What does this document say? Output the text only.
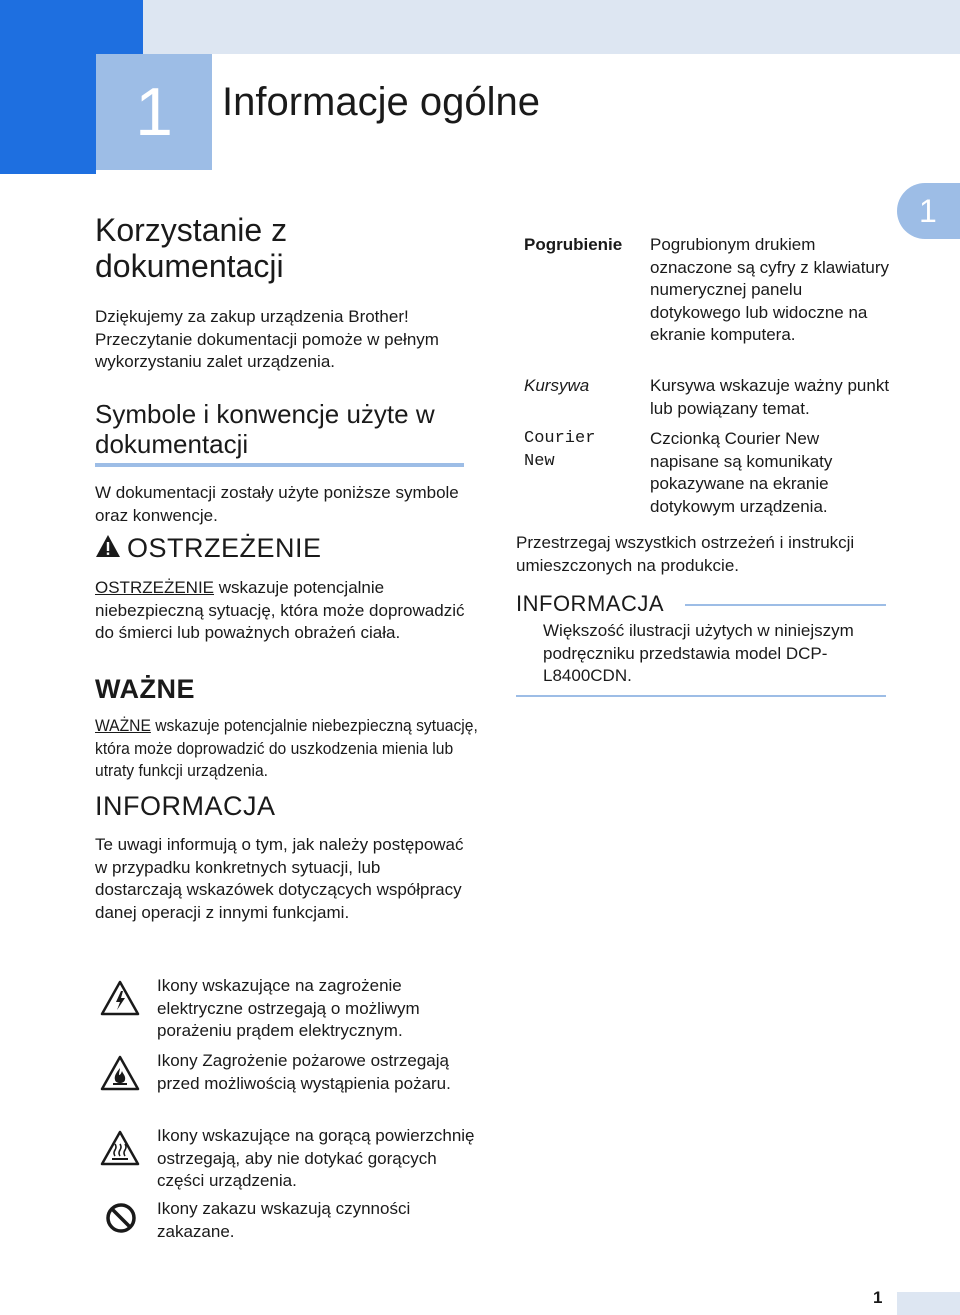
1	Informacje ogólne
1
Korzystanie z dokumentacji
Dziękujemy za zakup urządzenia Brother! Przeczytanie dokumentacji pomoże w pełnym wykorzystaniu zalet urządzenia.
Symbole i konwencje użyte w dokumentacji
W dokumentacji zostały użyte poniższe symbole oraz konwencje.
OSTRZEŻENIE
OSTRZEŻENIE wskazuje potencjalnie niebezpieczną sytuację, która może doprowadzić do śmierci lub poważnych obrażeń ciała.
WAŻNE
WAŻNE wskazuje potencjalnie niebezpieczną sytuację, która może doprowadzić do uszkodzenia mienia lub utraty funkcji urządzenia.
INFORMACJA
Te uwagi informują o tym, jak należy postępować w przypadku konkretnych sytuacji, lub dostarczają wskazówek dotyczących współpracy danej operacji z innymi funkcjami.
Ikony wskazujące na zagrożenie elektryczne ostrzegają o możliwym porażeniu prądem elektrycznym.
Ikony Zagrożenie pożarowe ostrzegają przed możliwością wystąpienia pożaru.
Ikony wskazujące na gorącą powierzchnię ostrzegają, aby nie dotykać gorących części urządzenia.
Ikony zakazu wskazują czynności zakazane.
Pogrubienie Pogrubionym drukiem oznaczone są cyfry z klawiatury numerycznej panelu dotykowego lub widoczne na ekranie komputera.
Kursywa	Kursywa wskazuje ważny punkt lub powiązany temat.
Courier New
Czcionką Courier New napisane są komunikaty pokazywane na ekranie dotykowym urządzenia.
Przestrzegaj wszystkich ostrzeżeń i instrukcji umieszczonych na produkcie.
INFORMACJA
Większość ilustracji użytych w niniejszym podręczniku przedstawia model DCP-L8400CDN.
1
